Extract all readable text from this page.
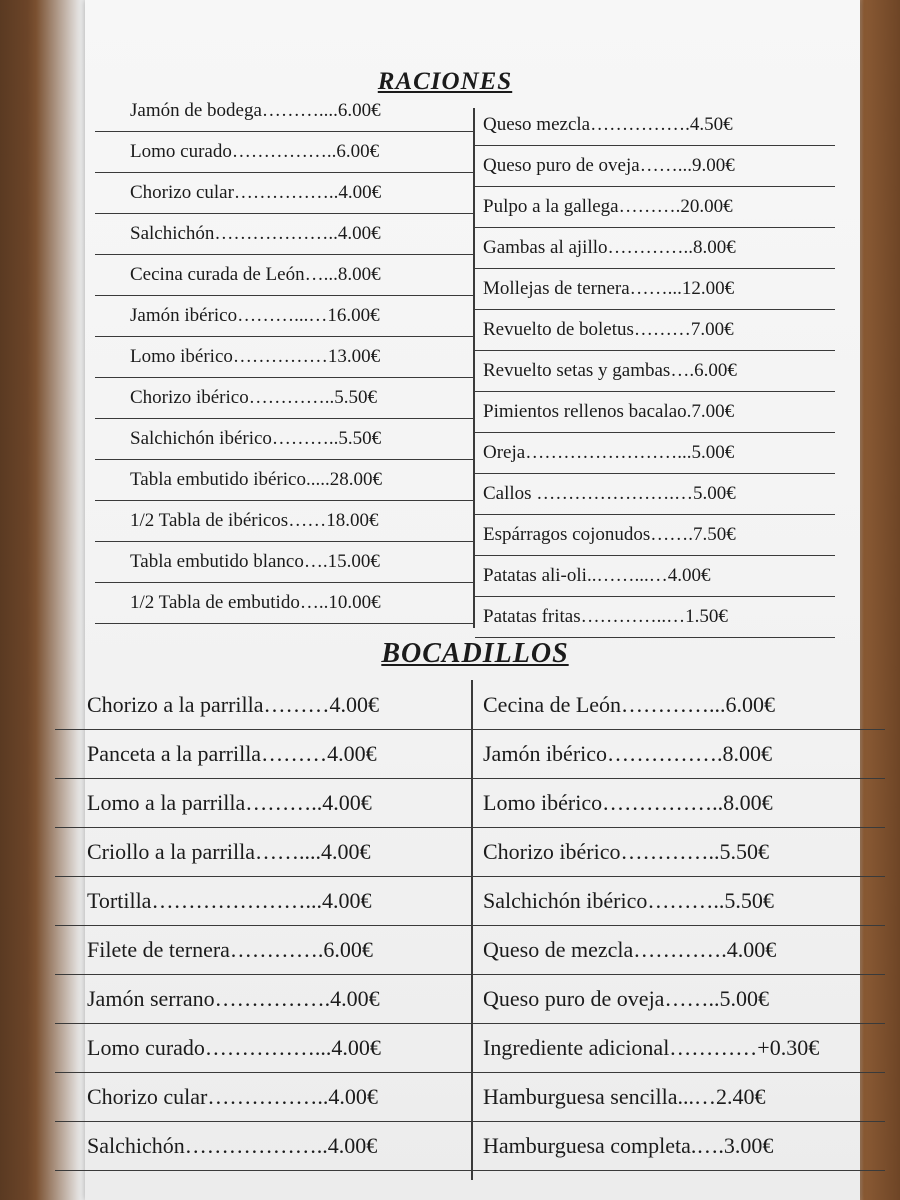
RACIONES
Jamón de bodega………....6.00€
Lomo curado……………..6.00€
Chorizo cular……………..4.00€
Salchichón………………..4.00€
Cecina curada de León…...8.00€
Jamón ibérico………...…16.00€
Lomo ibérico……………13.00€
Chorizo ibérico…………..5.50€
Salchichón ibérico………..5.50€
Tabla embutido ibérico.....28.00€
1/2 Tabla de ibéricos……18.00€
Tabla embutido blanco….15.00€
1/2 Tabla de embutido…..10.00€
Queso mezcla…………….4.50€
Queso puro de oveja……...9.00€
Pulpo a la gallega……….20.00€
Gambas al ajillo…………..8.00€
Mollejas de ternera……...12.00€
Revuelto de boletus………7.00€
Revuelto setas y gambas….6.00€
Pimientos rellenos bacalao.7.00€
Oreja……………………...5.00€
Callos ………………….…5.00€
Espárragos cojonudos…….7.50€
Patatas ali-oli..……...…4.00€
Patatas fritas…………..…1.50€
BOCADILLOS
Chorizo a la parrilla………4.00€
Panceta a la parrilla………4.00€
Lomo a la parrilla………..4.00€
Criollo a la parrilla……....4.00€
Tortilla…………………...4.00€
Filete de ternera………….6.00€
Jamón serrano…………….4.00€
Lomo curado……………...4.00€
Chorizo cular……………..4.00€
Salchichón………………..4.00€
Cecina de León…………...6.00€
Jamón ibérico…………….8.00€
Lomo ibérico……………..8.00€
Chorizo ibérico…………..5.50€
Salchichón ibérico………..5.50€
Queso de mezcla………….4.00€
Queso puro de oveja……..5.00€
Ingrediente adicional…………+0.30€
Hamburguesa sencilla...…2.40€
Hamburguesa completa.….3.00€
